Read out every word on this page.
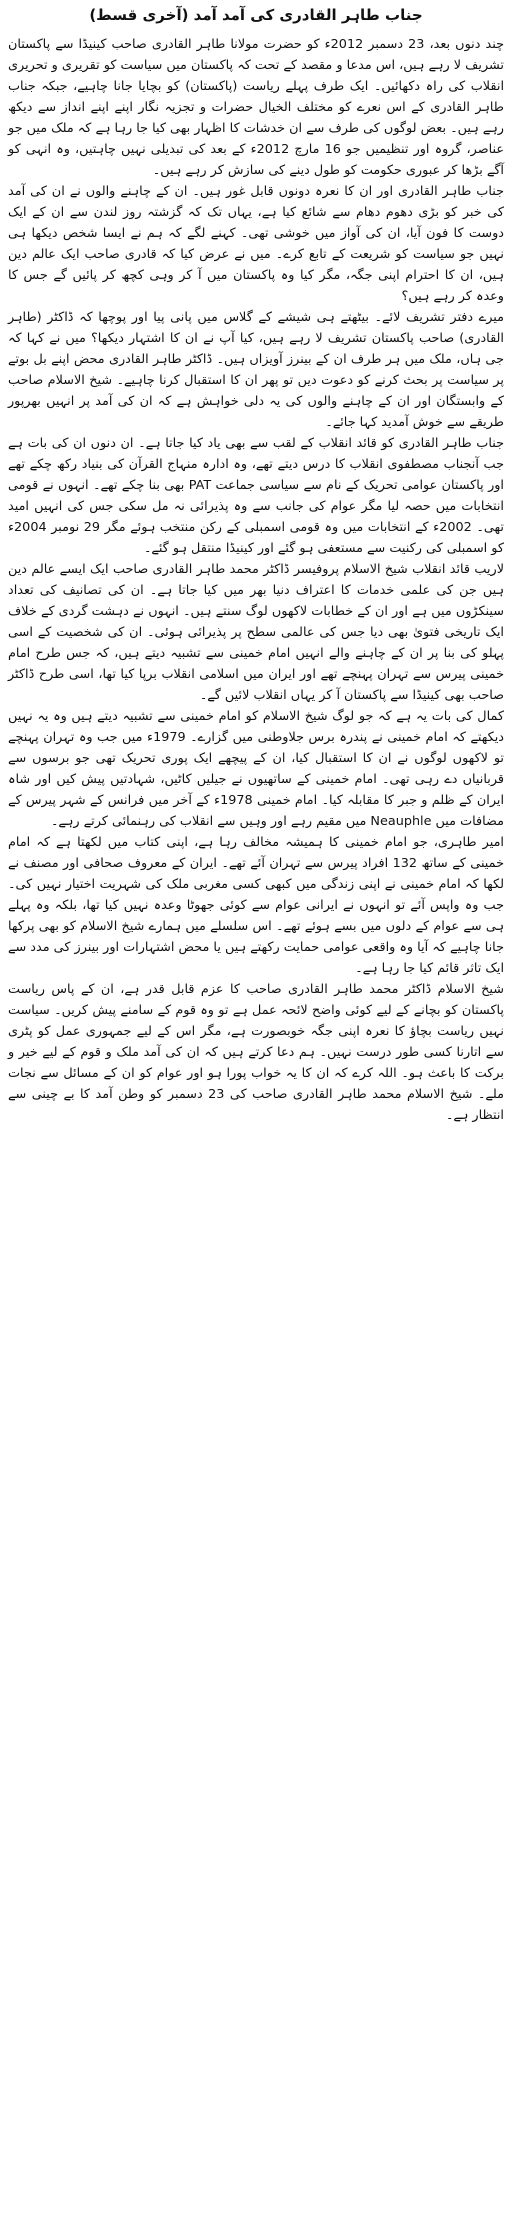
جناب طاہر القادری کی آمد آمد (آخری قسط)

چند دنوں بعد، 23 دسمبر 2012ء کو حضرت مولانا طاہر القادری صاحب کینیڈا سے پاکستان تشریف لا رہے ہیں، اس مدعا و مقصد کے تحت کہ پاکستان میں سیاست کو تقریری و تحریری انقلاب کی راہ دکھائیں۔ ایک طرف پہلے ریاست (پاکستان) کو بچایا جانا چاہیے، جبکہ جناب طاہر القادری کے اس نعرے کو مختلف الخیال حضرات و تجزیہ نگار اپنے اپنے انداز سے دیکھ رہے ہیں۔ بعض لوگوں کی طرف سے ان خدشات کا اظہار بھی کیا جا رہا ہے کہ ملک میں جو عناصر، گروہ اور تنظیمیں جو 16 مارچ 2012ء کے بعد کی تبدیلی نہیں چاہتیں، وہ انہی کو آگے بڑھا کر عبوری حکومت کو طول دینے کی سازش کر رہے ہیں۔

جناب طاہر القادری اور ان کا نعرہ دونوں قابل غور ہیں۔ ان کے چاہنے والوں نے ان کی آمد کی خبر کو بڑی دھوم دھام سے شائع کیا ہے، یہاں تک کہ گزشتہ روز لندن سے ان کے ایک دوست کا فون آیا، ان کی آواز میں خوشی تھی۔ کہنے لگے کہ ہم نے ایسا شخص دیکھا ہی نہیں جو سیاست کو شریعت کے تابع کرے۔ میں نے عرض کیا کہ قادری صاحب ایک عالم دین ہیں، ان کا احترام اپنی جگہ، مگر کیا وہ پاکستان میں آ کر وہی کچھ کر پائیں گے جس کا وعدہ کر رہے ہیں؟

میرے دفتر تشریف لائے۔ بیٹھتے ہی شیشے کے گلاس میں پانی پیا اور پوچھا کہ ڈاکٹر (طاہر القادری) صاحب پاکستان تشریف لا رہے ہیں، کیا آپ نے ان کا اشتہار دیکھا؟ میں نے کہا کہ جی ہاں، ملک میں ہر طرف ان کے بینرز آویزاں ہیں۔ ڈاکٹر طاہر القادری محض اپنے بل بوتے پر سیاست پر بحث کرنے کو دعوت دیں تو پھر ان کا استقبال کرنا چاہیے۔ شیخ الاسلام صاحب کے وابستگان اور ان کے چاہنے والوں کی یہ دلی خواہش ہے کہ ان کی آمد پر انہیں بھرپور طریقے سے خوش آمدید کہا جائے۔

جناب طاہر القادری کو قائد انقلاب کے لقب سے بھی یاد کیا جاتا ہے۔ ان دنوں ان کی بات ہے جب آنجناب مصطفوی انقلاب کا درس دیتے تھے، وہ ادارہ منہاج القرآن کی بنیاد رکھ چکے تھے اور پاکستان عوامی تحریک کے نام سے سیاسی جماعت PAT بھی بنا چکے تھے۔ انہوں نے قومی انتخابات میں حصہ لیا مگر عوام کی جانب سے وہ پذیرائی نہ مل سکی جس کی انہیں امید تھی۔ 2002ء کے انتخابات میں وہ قومی اسمبلی کے رکن منتخب ہوئے مگر 29 نومبر 2004ء کو اسمبلی کی رکنیت سے مستعفی ہو گئے اور کینیڈا منتقل ہو گئے۔

لاریب قائد انقلاب شیخ الاسلام پروفیسر ڈاکٹر محمد طاہر القادری صاحب ایک ایسے عالم دین ہیں جن کی علمی خدمات کا اعتراف دنیا بھر میں کیا جاتا ہے۔ ان کی تصانیف کی تعداد سینکڑوں میں ہے اور ان کے خطابات لاکھوں لوگ سنتے ہیں۔ انہوں نے دہشت گردی کے خلاف ایک تاریخی فتویٰ بھی دیا جس کی عالمی سطح پر پذیرائی ہوئی۔ ان کی شخصیت کے اسی پہلو کی بنا پر ان کے چاہنے والے انہیں امام خمینی سے تشبیہ دیتے ہیں، کہ جس طرح امام خمینی پیرس سے تہران پہنچے تھے اور ایران میں اسلامی انقلاب برپا کیا تھا، اسی طرح ڈاکٹر صاحب بھی کینیڈا سے پاکستان آ کر یہاں انقلاب لائیں گے۔

کمال کی بات یہ ہے کہ جو لوگ شیخ الاسلام کو امام خمینی سے تشبیہ دیتے ہیں وہ یہ نہیں دیکھتے کہ امام خمینی نے پندرہ برس جلاوطنی میں گزارے۔ 1979ء میں جب وہ تہران پہنچے تو لاکھوں لوگوں نے ان کا استقبال کیا، ان کے پیچھے ایک پوری تحریک تھی جو برسوں سے قربانیاں دے رہی تھی۔ امام خمینی کے ساتھیوں نے جیلیں کاٹیں، شہادتیں پیش کیں اور شاہ ایران کے ظلم و جبر کا مقابلہ کیا۔ امام خمینی 1978ء کے آخر میں فرانس کے شہر پیرس کے مضافات میں Neauphle میں مقیم رہے اور وہیں سے انقلاب کی رہنمائی کرتے رہے۔

امیر طاہری، جو امام خمینی کا ہمیشہ مخالف رہا ہے، اپنی کتاب میں لکھتا ہے کہ امام خمینی کے ساتھ 132 افراد پیرس سے تہران آئے تھے۔ ایران کے معروف صحافی اور مصنف نے لکھا کہ امام خمینی نے اپنی زندگی میں کبھی کسی مغربی ملک کی شہریت اختیار نہیں کی۔ جب وہ واپس آئے تو انہوں نے ایرانی عوام سے کوئی جھوٹا وعدہ نہیں کیا تھا، بلکہ وہ پہلے ہی سے عوام کے دلوں میں بسے ہوئے تھے۔ اس سلسلے میں ہمارے شیخ الاسلام کو بھی پرکھا جانا چاہیے کہ آیا وہ واقعی عوامی حمایت رکھتے ہیں یا محض اشتہارات اور بینرز کی مدد سے ایک تاثر قائم کیا جا رہا ہے۔

شیخ الاسلام ڈاکٹر محمد طاہر القادری صاحب کا عزم قابل قدر ہے، ان کے پاس ریاست پاکستان کو بچانے کے لیے کوئی واضح لائحہ عمل ہے تو وہ قوم کے سامنے پیش کریں۔ سیاست نہیں ریاست بچاؤ کا نعرہ اپنی جگہ خوبصورت ہے، مگر اس کے لیے جمہوری عمل کو پٹری سے اتارنا کسی طور درست نہیں۔ ہم دعا کرتے ہیں کہ ان کی آمد ملک و قوم کے لیے خیر و برکت کا باعث ہو۔ اللہ کرے کہ ان کا یہ خواب پورا ہو اور عوام کو ان کے مسائل سے نجات ملے۔ شیخ الاسلام محمد طاہر القادری صاحب کی 23 دسمبر کو وطن آمد کا بے چینی سے انتظار ہے۔
